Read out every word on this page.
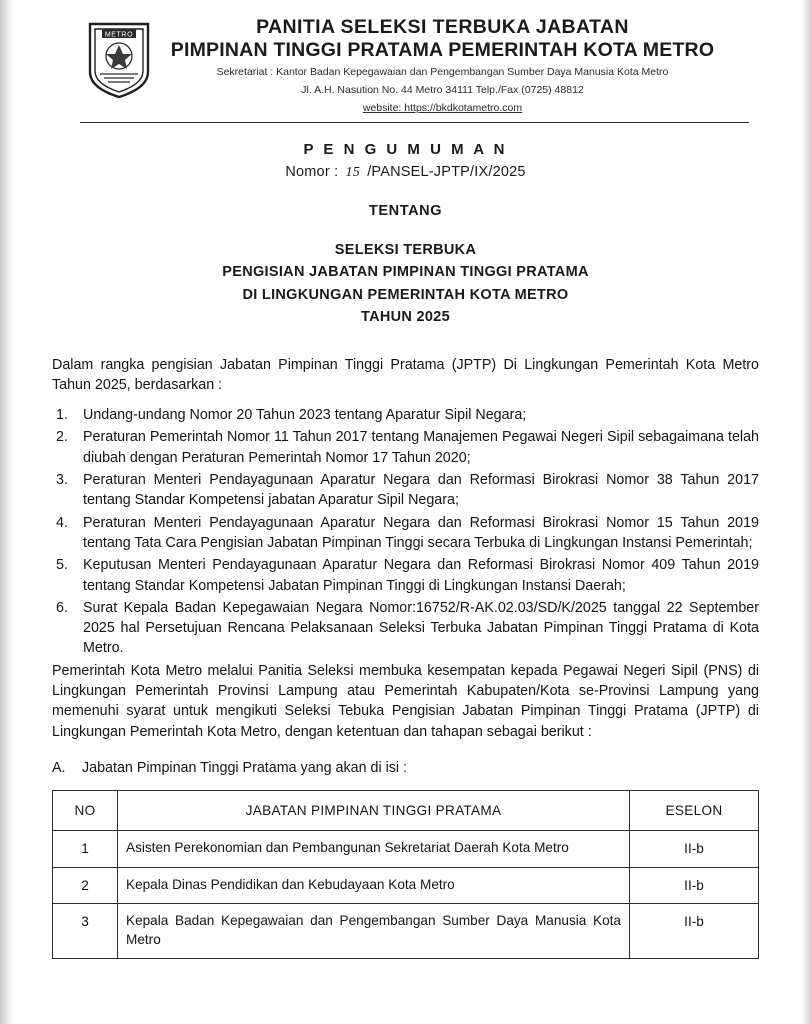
METRO	PANITIA SELEKSI TERBUKA JABATAN
PIMPINAN TINGGI PRATAMA PEMERINTAH KOTA METRO
Sekretariat : Kantor Badan Kepegawaian dan Pengembangan Sumber Daya Manusia Kota Metro
Jl. A.H. Nasution No. 44 Metro 34111 Telp./Fax (0725) 48812
website: https://bkdkotametro.com
P E N G U M U M A N
Nomor : 15 /PANSEL-JPTP/IX/2025
TENTANG
SELEKSI TERBUKA
PENGISIAN JABATAN PIMPINAN TINGGI PRATAMA
DI LINGKUNGAN PEMERINTAH KOTA METRO
TAHUN 2025

Dalam rangka pengisian Jabatan Pimpinan Tinggi Pratama (JPTP) Di Lingkungan Pemerintah Kota Metro Tahun 2025, berdasarkan :

1.	Undang-undang Nomor 20 Tahun 2023 tentang Aparatur Sipil Negara;
2.	Peraturan Pemerintah Nomor 11 Tahun 2017 tentang Manajemen Pegawai Negeri Sipil sebagaimana telah diubah dengan Peraturan Pemerintah Nomor 17 Tahun 2020;
3.	Peraturan Menteri Pendayagunaan Aparatur Negara dan Reformasi Birokrasi Nomor 38 Tahun 2017 tentang Standar Kompetensi jabatan Aparatur Sipil Negara;
4.	Peraturan Menteri Pendayagunaan Aparatur Negara dan Reformasi Birokrasi Nomor 15 Tahun 2019 tentang Tata Cara Pengisian Jabatan Pimpinan Tinggi secara Terbuka di Lingkungan Instansi Pemerintah;
5.	Keputusan Menteri Pendayagunaan Aparatur Negara dan Reformasi Birokrasi Nomor 409 Tahun 2019 tentang Standar Kompetensi Jabatan Pimpinan Tinggi di Lingkungan Instansi Daerah;
6.	Surat Kepala Badan Kepegawaian Negara Nomor:16752/R-AK.02.03/SD/K/2025 tanggal 22 September 2025 hal Persetujuan Rencana Pelaksanaan Seleksi Terbuka Jabatan Pimpinan Tinggi Pratama di Kota Metro.

Pemerintah Kota Metro melalui Panitia Seleksi membuka kesempatan kepada Pegawai Negeri Sipil (PNS) di Lingkungan Pemerintah Provinsi Lampung atau Pemerintah Kabupaten/Kota se-Provinsi Lampung yang memenuhi syarat untuk mengikuti Seleksi Tebuka Pengisian Jabatan Pimpinan Tinggi Pratama (JPTP) di Lingkungan Pemerintah Kota Metro, dengan ketentuan dan tahapan sebagai berikut :

A.	Jabatan Pimpinan Tinggi Pratama yang akan di isi :
NO	JABATAN PIMPINAN TINGGI PRATAMA	ESELON
1	Asisten Perekonomian dan Pembangunan Sekretariat Daerah Kota Metro	II-b
2	Kepala Dinas Pendidikan dan Kebudayaan Kota Metro	II-b
3	Kepala Badan Kepegawaian dan Pengembangan Sumber Daya Manusia Kota Metro	II-b
